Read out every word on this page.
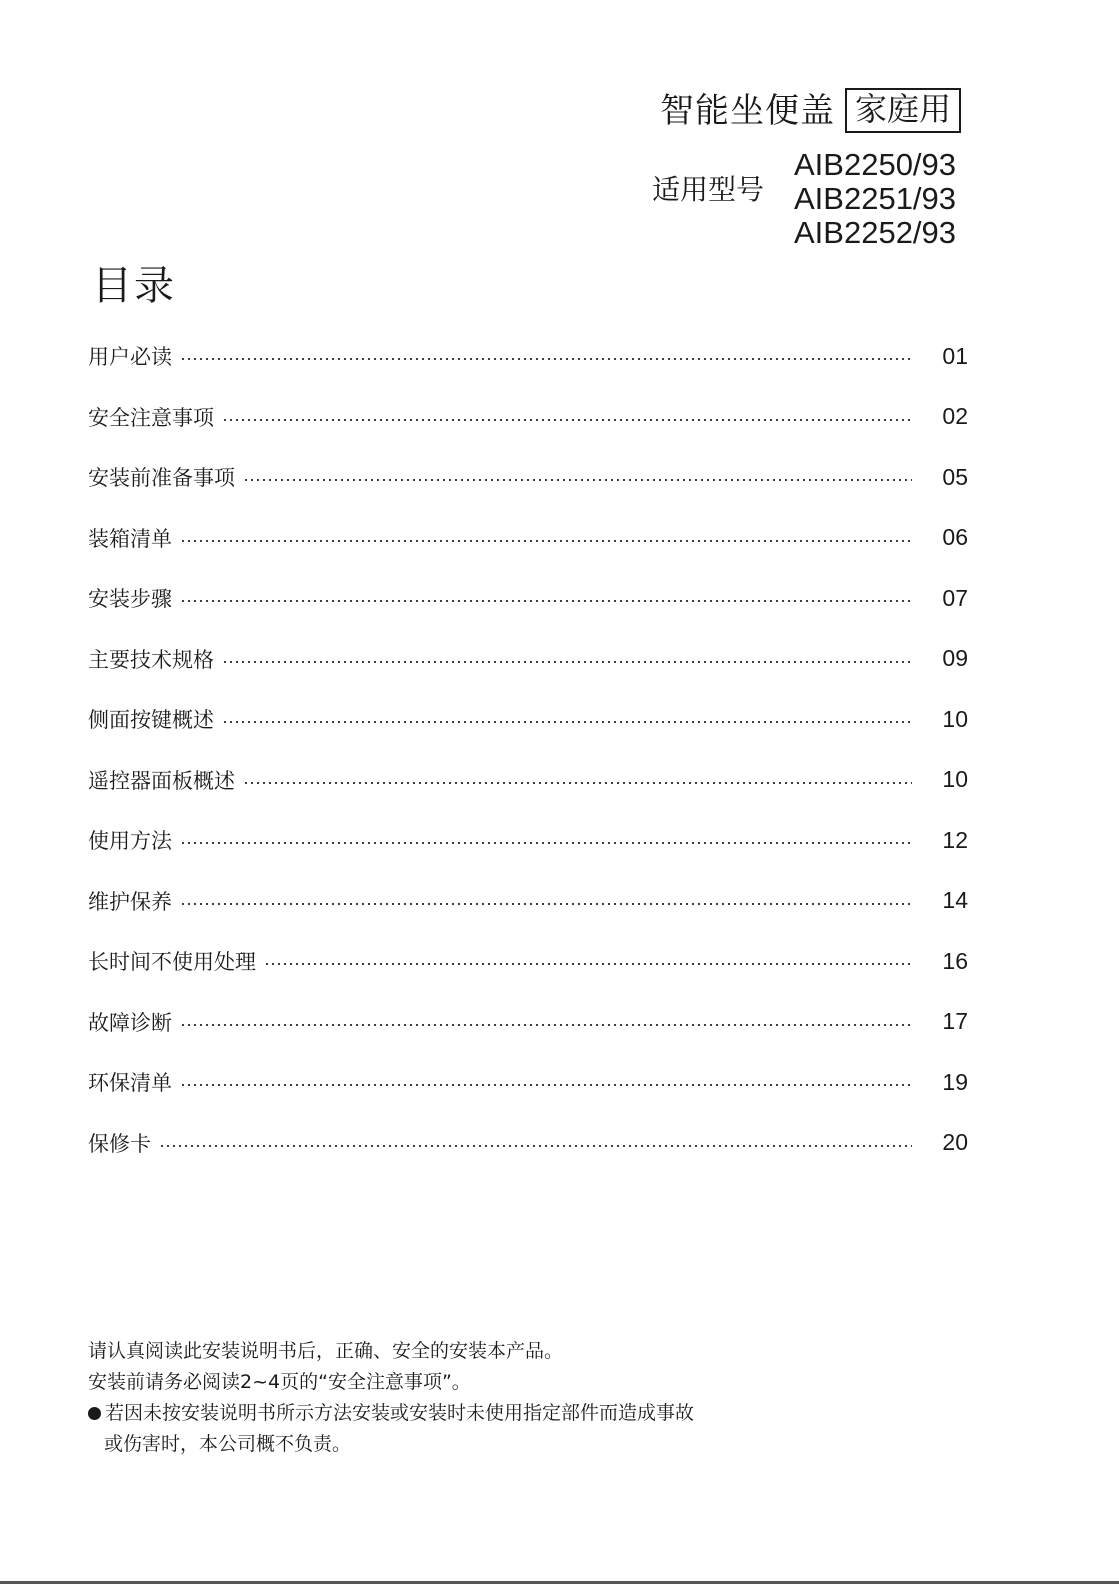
智能坐便盖 家庭用
适用型号
AIB2250/93
AIB2251/93
AIB2252/93
目录
用户必读	01
安全注意事项	02
安装前准备事项	05
装箱清单	06
安装步骤	07
主要技术规格	09
侧面按键概述	10
遥控器面板概述	10
使用方法	12
维护保养	14
长时间不使用处理	16
故障诊断	17
环保清单	19
保修卡	20
请认真阅读此安装说明书后，正确、安全的安装本产品。
安装前请务必阅读2~4页的“安全注意事项”。
若因未按安装说明书所示方法安装或安装时未使用指定部件而造成事故
或伤害时，本公司概不负责。
